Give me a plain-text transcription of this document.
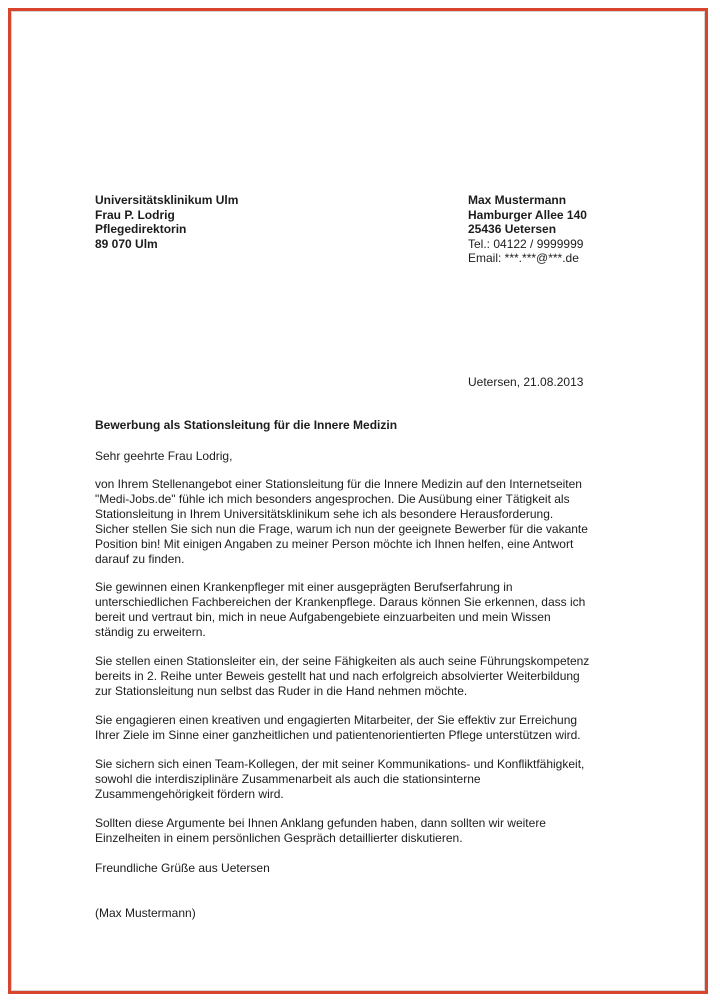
Universitätsklinikum Ulm
Frau P. Lodrig
Pflegedirektorin
89 070 Ulm
Max Mustermann
Hamburger Allee 140
25436 Uetersen
Tel.: 04122 / 9999999
Email: ***.***@***.de
Uetersen, 21.08.2013
Bewerbung als Stationsleitung für die Innere Medizin
Sehr geehrte Frau Lodrig,
von Ihrem Stellenangebot einer Stationsleitung für die Innere Medizin auf den Internetseiten
"Medi-Jobs.de" fühle ich mich besonders angesprochen. Die Ausübung einer Tätigkeit als
Stationsleitung in Ihrem Universitätsklinikum sehe ich als besondere Herausforderung.
Sicher stellen Sie sich nun die Frage, warum ich nun der geeignete Bewerber für die vakante
Position bin! Mit einigen Angaben zu meiner Person möchte ich Ihnen helfen, eine Antwort
darauf zu finden.
Sie gewinnen einen Krankenpfleger mit einer ausgeprägten Berufserfahrung in
unterschiedlichen Fachbereichen der Krankenpflege. Daraus können Sie erkennen, dass ich
bereit und vertraut bin, mich in neue Aufgabengebiete einzuarbeiten und mein Wissen
ständig zu erweitern.
Sie stellen einen Stationsleiter ein, der seine Fähigkeiten als auch seine Führungskompetenz
bereits in 2. Reihe unter Beweis gestellt hat und nach erfolgreich absolvierter Weiterbildung
zur Stationsleitung nun selbst das Ruder in die Hand nehmen möchte.
Sie engagieren einen kreativen und engagierten Mitarbeiter, der Sie effektiv zur Erreichung
Ihrer Ziele im Sinne einer ganzheitlichen und patientenorientierten Pflege unterstützen wird.
Sie sichern sich einen Team-Kollegen, der mit seiner Kommunikations- und Konfliktfähigkeit,
sowohl die interdisziplinäre Zusammenarbeit als auch die stationsinterne
Zusammengehörigkeit fördern wird.
Sollten diese Argumente bei Ihnen Anklang gefunden haben, dann sollten wir weitere
Einzelheiten in einem persönlichen Gespräch detaillierter diskutieren.
Freundliche Grüße aus Uetersen
(Max Mustermann)
